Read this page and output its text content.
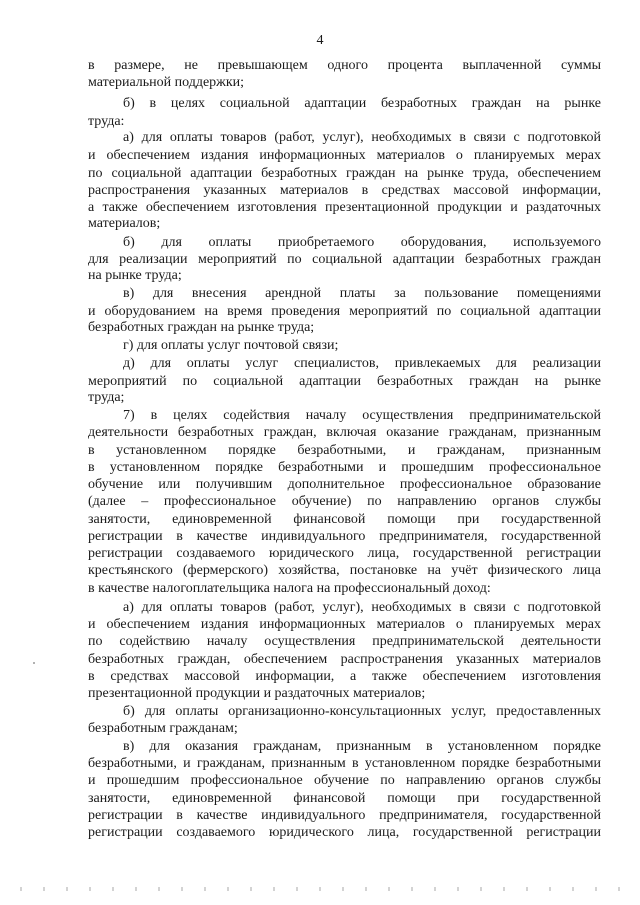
4
в размере, не превышающем одного процента выплаченной суммы
материальной поддержки;
б) в целях социальной адаптации безработных граждан на рынке
труда:
а) для оплаты товаров (работ, услуг), необходимых в связи с подготовкой
и обеспечением издания информационных материалов о планируемых мерах
по социальной адаптации безработных граждан на рынке труда, обеспечением
распространения указанных материалов в средствах массовой информации,
а также обеспечением изготовления презентационной продукции и раздаточных
материалов;
б) для оплаты приобретаемого оборудования, используемого
для реализации мероприятий по социальной адаптации безработных граждан
на рынке труда;
в) для внесения арендной платы за пользование помещениями
и оборудованием на время проведения мероприятий по социальной адаптации
безработных граждан на рынке труда;
г) для оплаты услуг почтовой связи;
д) для оплаты услуг специалистов, привлекаемых для реализации
мероприятий по социальной адаптации безработных граждан на рынке
труда;
7) в целях содействия началу осуществления предпринимательской
деятельности безработных граждан, включая оказание гражданам, признанным
в установленном порядке безработными, и гражданам, признанным
в установленном порядке безработными и прошедшим профессиональное
обучение или получившим дополнительное профессиональное образование
(далее – профессиональное обучение) по направлению органов службы
занятости, единовременной финансовой помощи при государственной
регистрации в качестве индивидуального предпринимателя, государственной
регистрации создаваемого юридического лица, государственной регистрации
крестьянского (фермерского) хозяйства, постановке на учёт физического лица
в качестве налогоплательщика налога на профессиональный доход:
а) для оплаты товаров (работ, услуг), необходимых в связи с подготовкой
и обеспечением издания информационных материалов о планируемых мерах
по содействию началу осуществления предпринимательской деятельности
безработных граждан, обеспечением распространения указанных материалов
в средствах массовой информации, а также обеспечением изготовления
презентационной продукции и раздаточных материалов;
б) для оплаты организационно-консультационных услуг, предоставленных
безработным гражданам;
в) для оказания гражданам, признанным в установленном порядке
безработными, и гражданам, признанным в установленном порядке безработными
и прошедшим профессиональное обучение по направлению органов службы
занятости, единовременной финансовой помощи при государственной
регистрации в качестве индивидуального предпринимателя, государственной
регистрации создаваемого юридического лица, государственной регистрации
